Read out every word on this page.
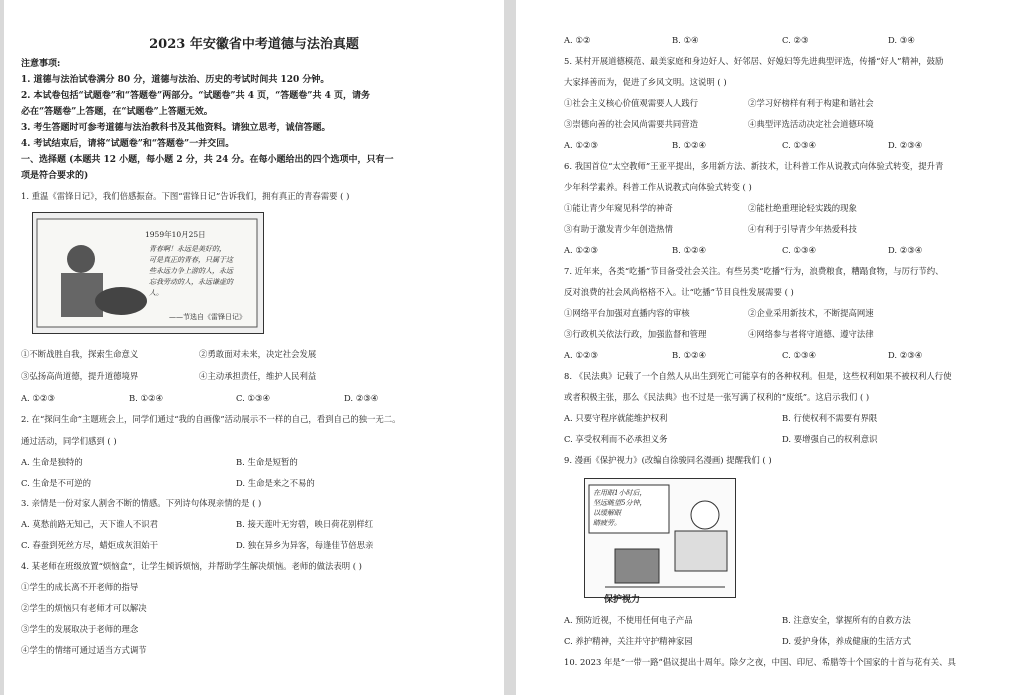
2023 年安徽省中考道德与法治真题
注意事项:
1. 道德与法治试卷满分 80 分，道德与法治、历史的考试时间共 120 分钟。
2. 本试卷包括“试题卷”和“答题卷”两部分。“试题卷”共 4 页，“答题卷”共 4 页，请务
必在“答题卷”上答题，在“试题卷”上答题无效。
3. 考生答题时可参考道德与法治教科书及其他资料。请独立思考，诚信答题。
4. 考试结束后，请将“试题卷”和“答题卷”一并交回。
一、选择题 (本题共 12 小题，每小题 2 分，共 24 分。在每小题给出的四个选项中，只有一
项是符合要求的)
1. 重温《雷锋日记》，我们倍感振奋。下图“雷锋日记”告诉我们，拥有真正的青春需要 ( )
1959年10月25日
青春啊！永远是美好的，
可是真正的青春，只属于这
些永远力争上游的人，永远
忘我劳动的人，永远谦虚的
人。
——节选自《雷锋日记》
①不断战胜自我，探索生命意义	②勇敢面对未来，决定社会发展
③弘扬高尚道德，提升道德境界	④主动承担责任，维护人民利益
A. ①②③	B. ①②④	C. ①③④	D. ②③④
2. 在“探问生命”主题班会上，同学们通过“我的自画像”活动展示不一样的自己，看到自己的独一无二。
通过活动，同学们感到 ( )
A. 生命是独特的	B. 生命是短暂的
C. 生命是不可逆的	D. 生命是来之不易的
3. 亲情是一份对家人割舍不断的情感。下列诗句体现亲情的是 ( )
A. 莫愁前路无知己，天下谁人不识君	B. 接天莲叶无穷碧，映日荷花别样红
C. 春蚕到死丝方尽，蜡炬成灰泪始干	D. 独在异乡为异客，每逢佳节倍思亲
4. 某老师在班级放置“烦恼盒”，让学生倾诉烦恼，并帮助学生解决烦恼。老师的做法表明 ( )
①学生的成长离不开老师的指导
②学生的烦恼只有老师才可以解决
③学生的发展取决于老师的理念
④学生的情绪可通过适当方式调节
A. ①②	B. ①④	C. ②③	D. ③④
5. 某村开展道德模范、最美家庭和身边好人、好邻居、好媳妇等先进典型评选，传播“好人”精神，鼓励
大家择善而为，促进了乡风文明。这说明 ( )
①社会主义核心价值观需要人人践行	②学习好榜样有利于构建和谐社会
③崇德向善的社会风尚需要共同营造	④典型评选活动决定社会道德环境
A. ①②③	B. ①②④	C. ①③④	D. ②③④
6. 我国首位“太空教师”王亚平提出，多用新方法、新技术，让科普工作从说教式向体验式转变，提升青
少年科学素养。科普工作从说教式向体验式转变 ( )
①能让青少年窥见科学的神奇	②能杜绝重理论轻实践的现象
③有助于激发青少年创造热情	④有利于引导青少年热爱科技
A. ①②③	B. ①②④	C. ①③④	D. ②③④
7. 近年来，各类“吃播”节目备受社会关注。有些另类“吃播”行为，浪费粮食，糟蹋食物，与厉行节约、
反对浪费的社会风尚格格不入。让“吃播”节目良性发展需要 ( )
①网络平台加强对直播内容的审核	②企业采用新技术，不断提高网速
③行政机关依法行政，加强监督和管理	④网络参与者将守道德、遵守法律
A. ①②③	B. ①②④	C. ①③④	D. ②③④
8. 《民法典》记载了一个自然人从出生到死亡可能享有的各种权利。但是，这些权利如果不被权利人行使
或者积极主张，那么《民法典》也不过是一张写满了权利的“废纸”。这启示我们 ( )
A. 只要守程序就能维护权利	B. 行使权利不需要有界限
C. 享受权利而不必承担义务	D. 要增强自己的权利意识
9. 漫画《保护视力》(改编自徐骏同名漫画) 提醒我们 ( )
在用眼1小时后，
坚远眺望5分钟，
以缓解眼
睛疲劳。
保护视力
A. 预防近视，不使用任何电子产品	B. 注意安全，掌握所有的自救方法
C. 养护精神，关注并守护精神家园	D. 爱护身体，养成健康的生活方式
10. 2023 年是“一带一路”倡议提出十周年。除夕之夜，中国、印尼、希腊等十个国家的十首与花有关、具
